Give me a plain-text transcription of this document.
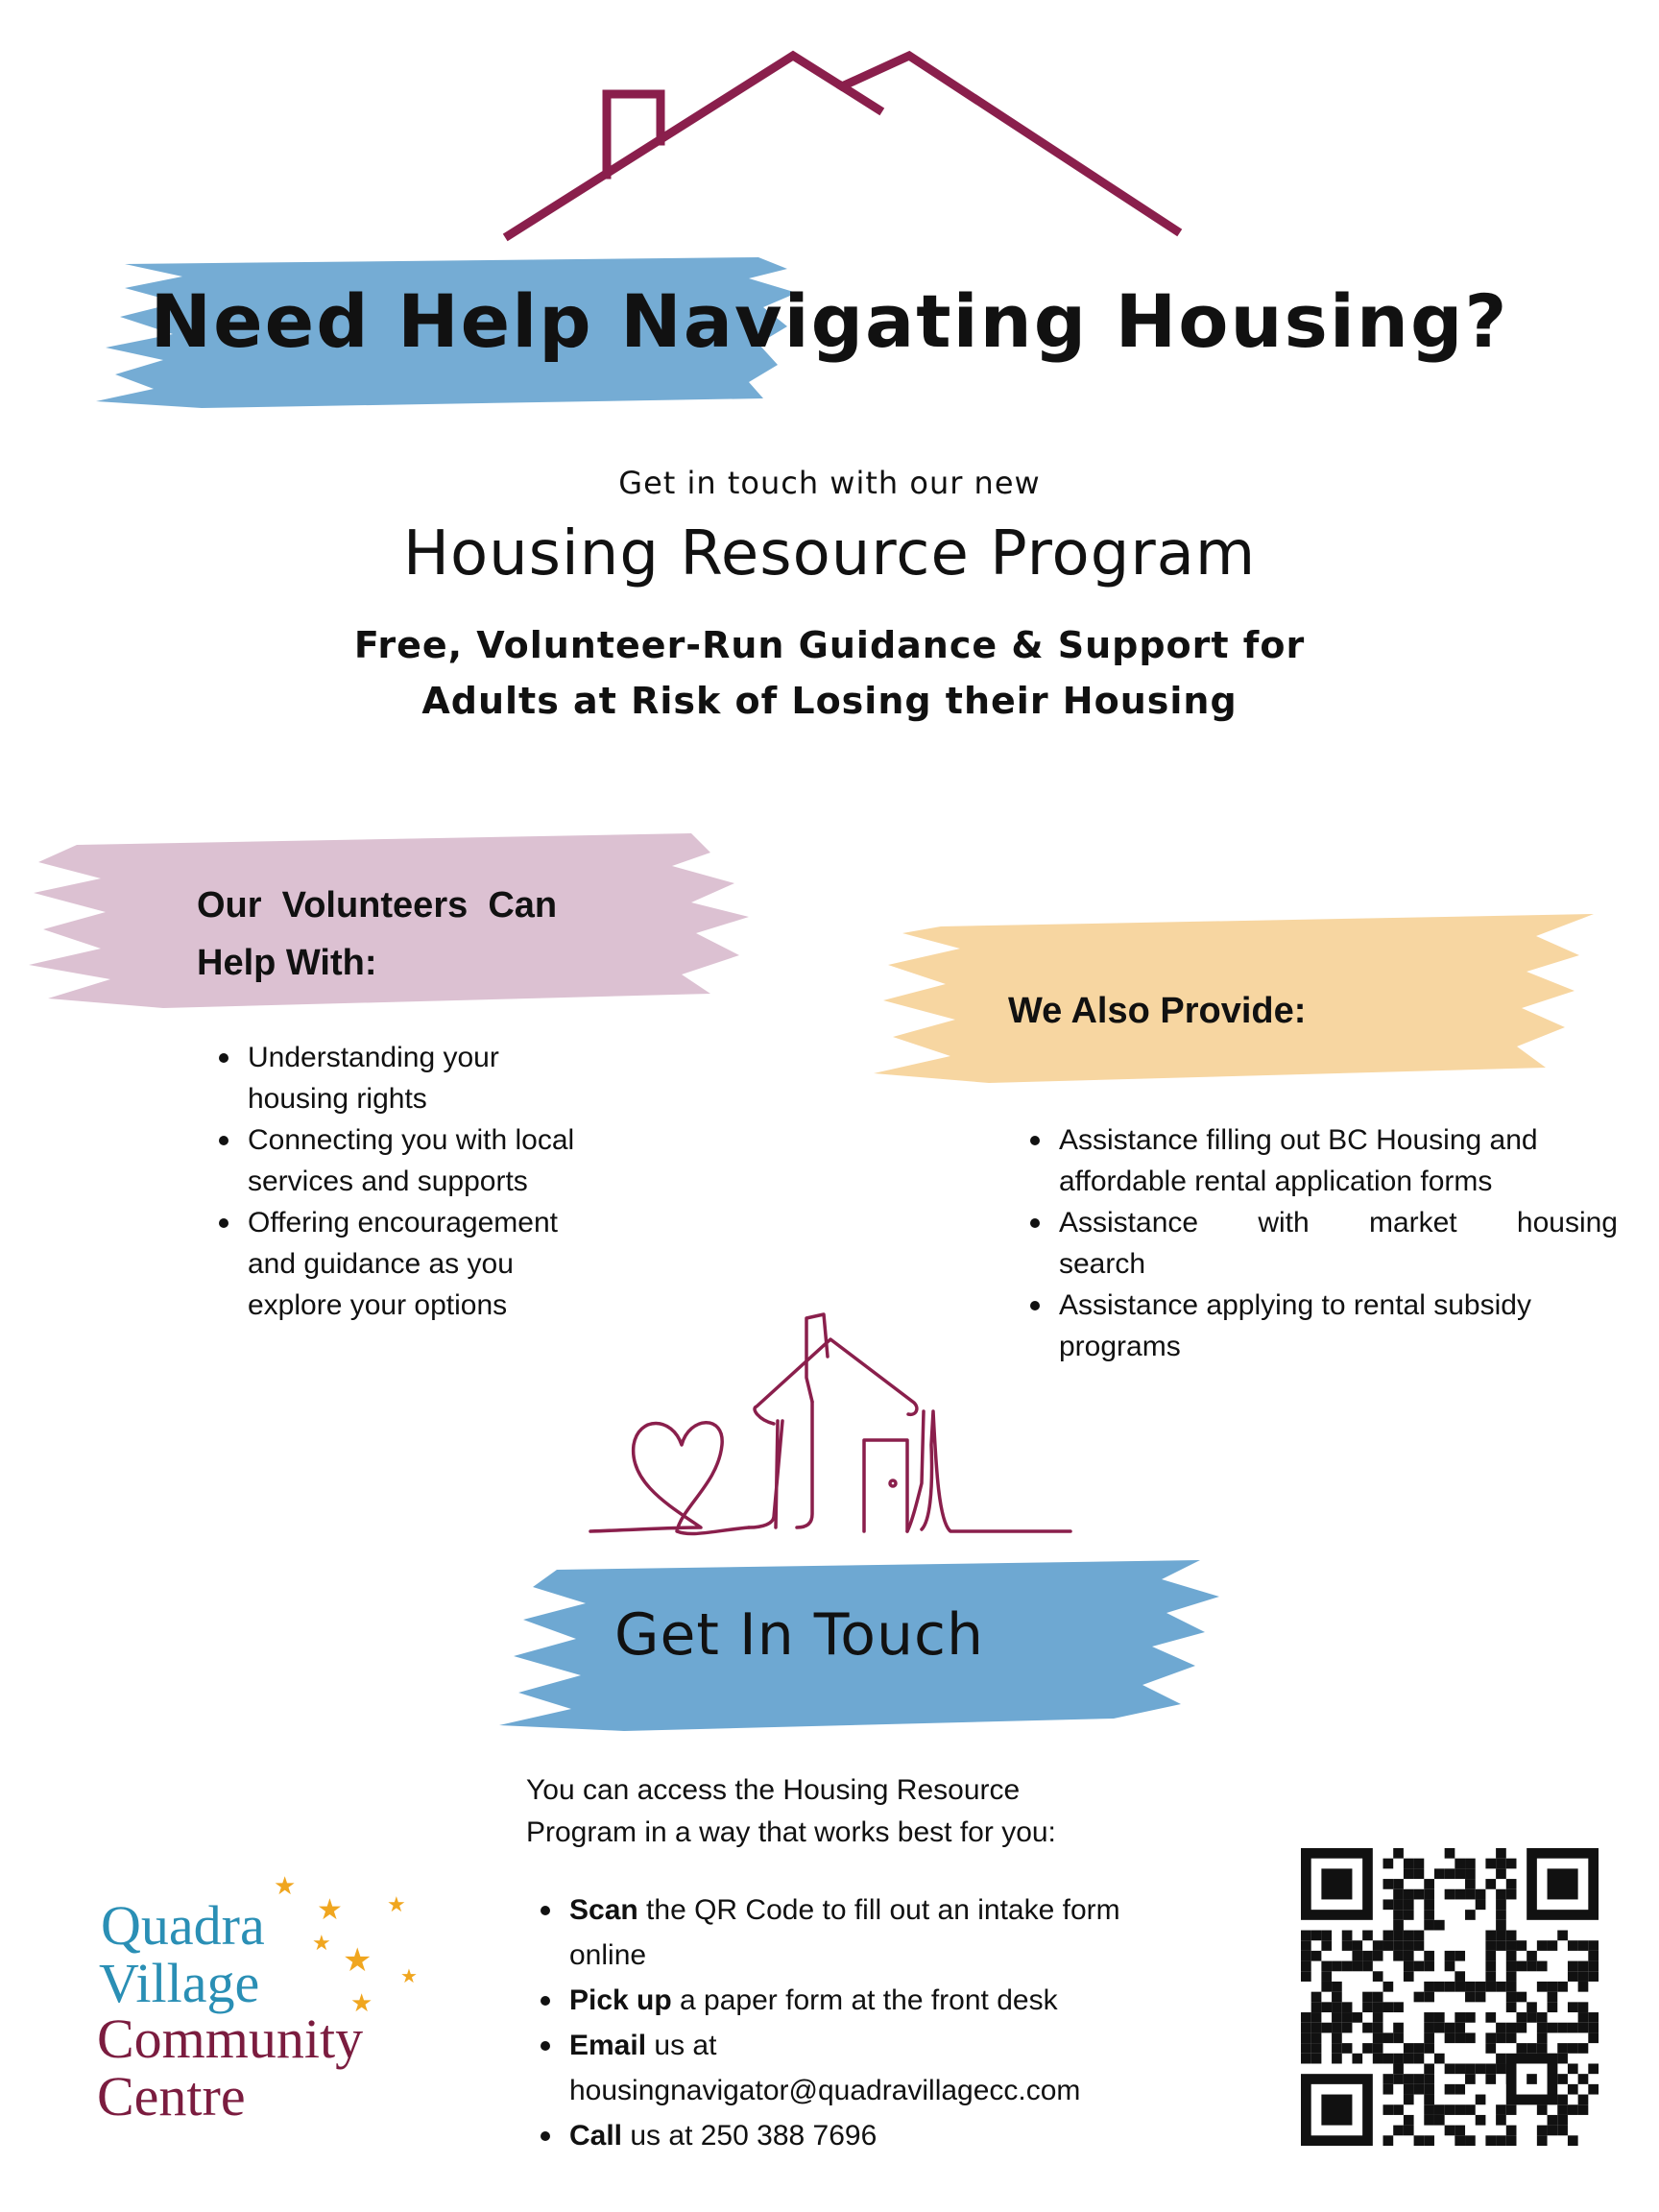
Need Help Navigating Housing?
Get in touch with our new
Housing Resource Program
Free, Volunteer-Run Guidance & Support for
Adults at Risk of Losing their Housing
Our  Volunteers  Can
Help With:
Understanding your
housing rights
Connecting you with local
services and supports
Offering encouragement
and guidance as you
explore your options
We Also Provide:
Assistance filling out BC Housing and
affordable rental application forms
Assistance with market housing
search
Assistance applying to rental subsidy
programs
Get In Touch
You can access the Housing Resource
Program in a way that works best for you:
Scan the QR Code to fill out an intake form
online
Pick up a paper form at the front desk
Email us at
housingnavigator@quadravillagecc.com
Call us at 250 388 7696
Quadra
Village
Community
Centre
★
★ ★
★ ★ ★
★
